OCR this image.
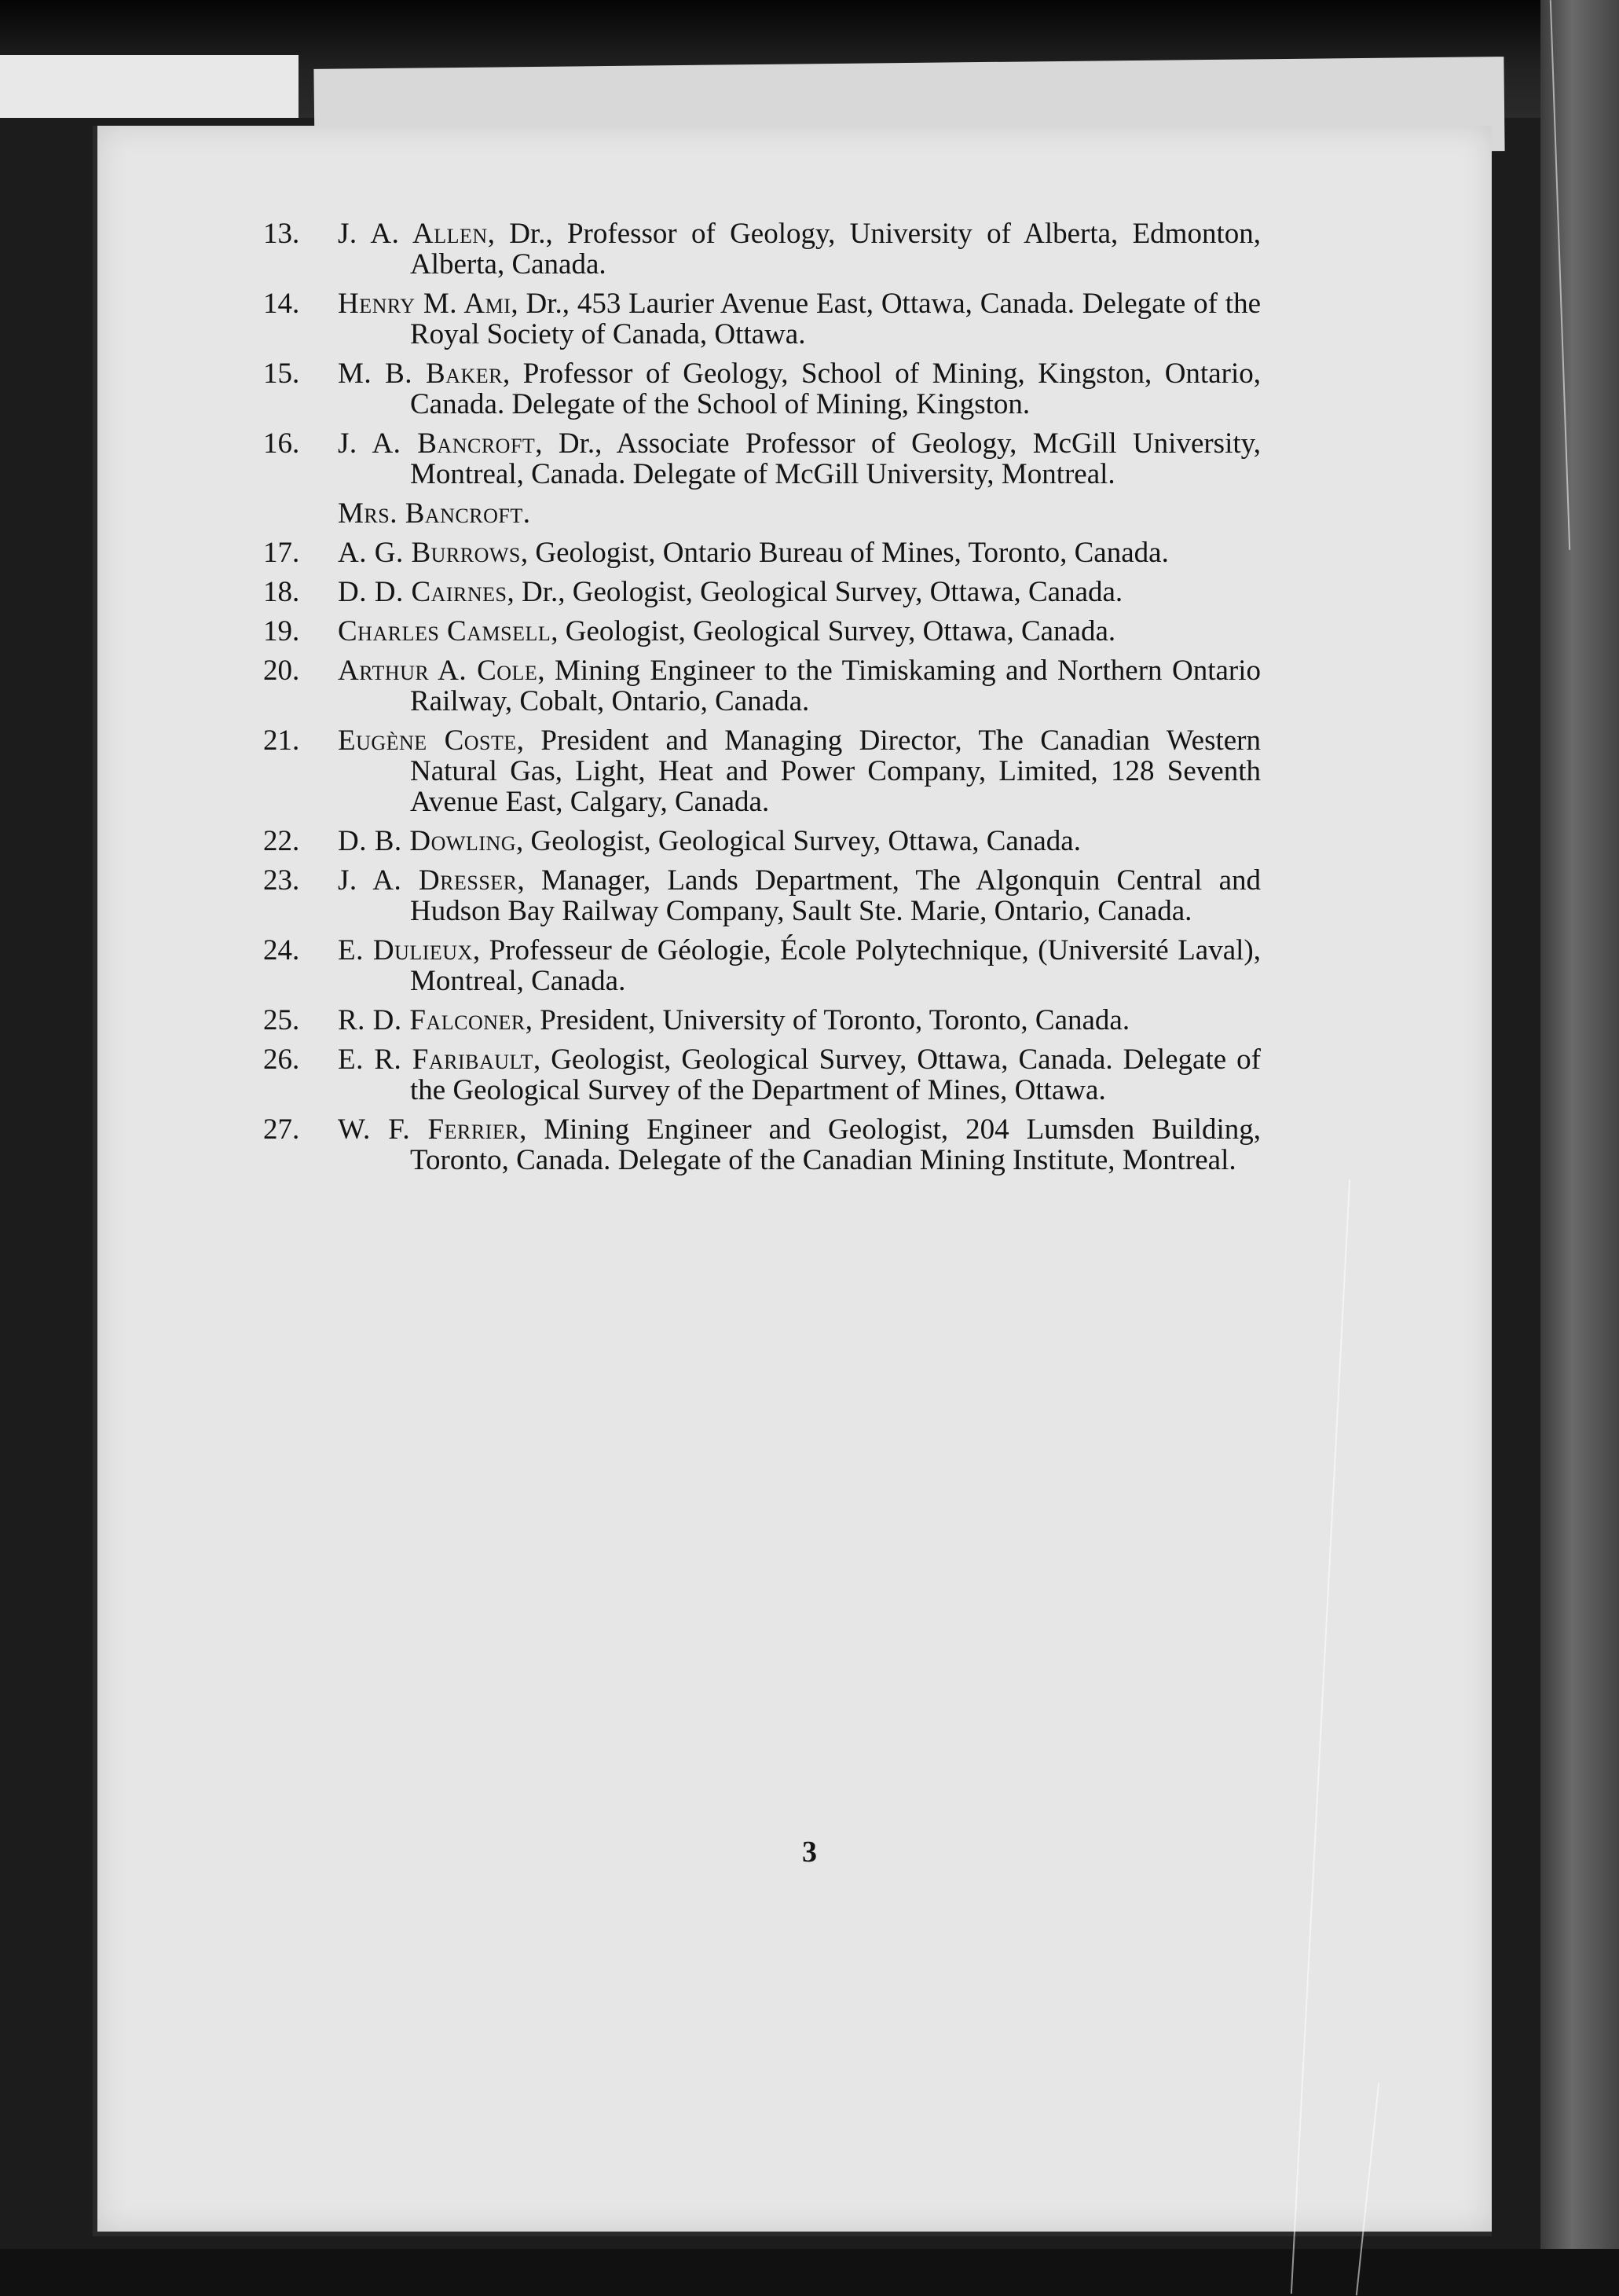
13.	J. A. Allen, Dr., Professor of Geology, University of Alberta, Edmonton, Alberta, Canada.
14.	Henry M. Ami, Dr., 453 Laurier Avenue East, Ottawa, Canada. Delegate of the Royal Society of Canada, Ottawa.
15.	M. B. Baker, Professor of Geology, School of Mining, Kingston, Ontario, Canada. Delegate of the School of Mining, Kingston.
16.	J. A. Bancroft, Dr., Associate Professor of Geology, McGill University, Montreal, Canada. Delegate of McGill University, Montreal.
Mrs. Bancroft.
17.	A. G. Burrows, Geologist, Ontario Bureau of Mines, Toronto, Canada.
18.	D. D. Cairnes, Dr., Geologist, Geological Survey, Ottawa, Canada.
19.	Charles Camsell, Geologist, Geological Survey, Ottawa, Canada.
20.	Arthur A. Cole, Mining Engineer to the Timiskaming and Northern Ontario Railway, Cobalt, Ontario, Canada.
21.	Eugène Coste, President and Managing Director, The Canadian Western Natural Gas, Light, Heat and Power Company, Limited, 128 Seventh Avenue East, Calgary, Canada.
22.	D. B. Dowling, Geologist, Geological Survey, Ottawa, Canada.
23.	J. A. Dresser, Manager, Lands Department, The Algonquin Central and Hudson Bay Railway Company, Sault Ste. Marie, Ontario, Canada.
24.	E. Dulieux, Professeur de Géologie, École Polytechnique, (Université Laval), Montreal, Canada.
25.	R. D. Falconer, President, University of Toronto, Toronto, Canada.
26.	E. R. Faribault, Geologist, Geological Survey, Ottawa, Canada. Delegate of the Geological Survey of the Department of Mines, Ottawa.
27.	W. F. Ferrier, Mining Engineer and Geologist, 204 Lumsden Building, Toronto, Canada. Delegate of the Canadian Mining Institute, Montreal.
3
